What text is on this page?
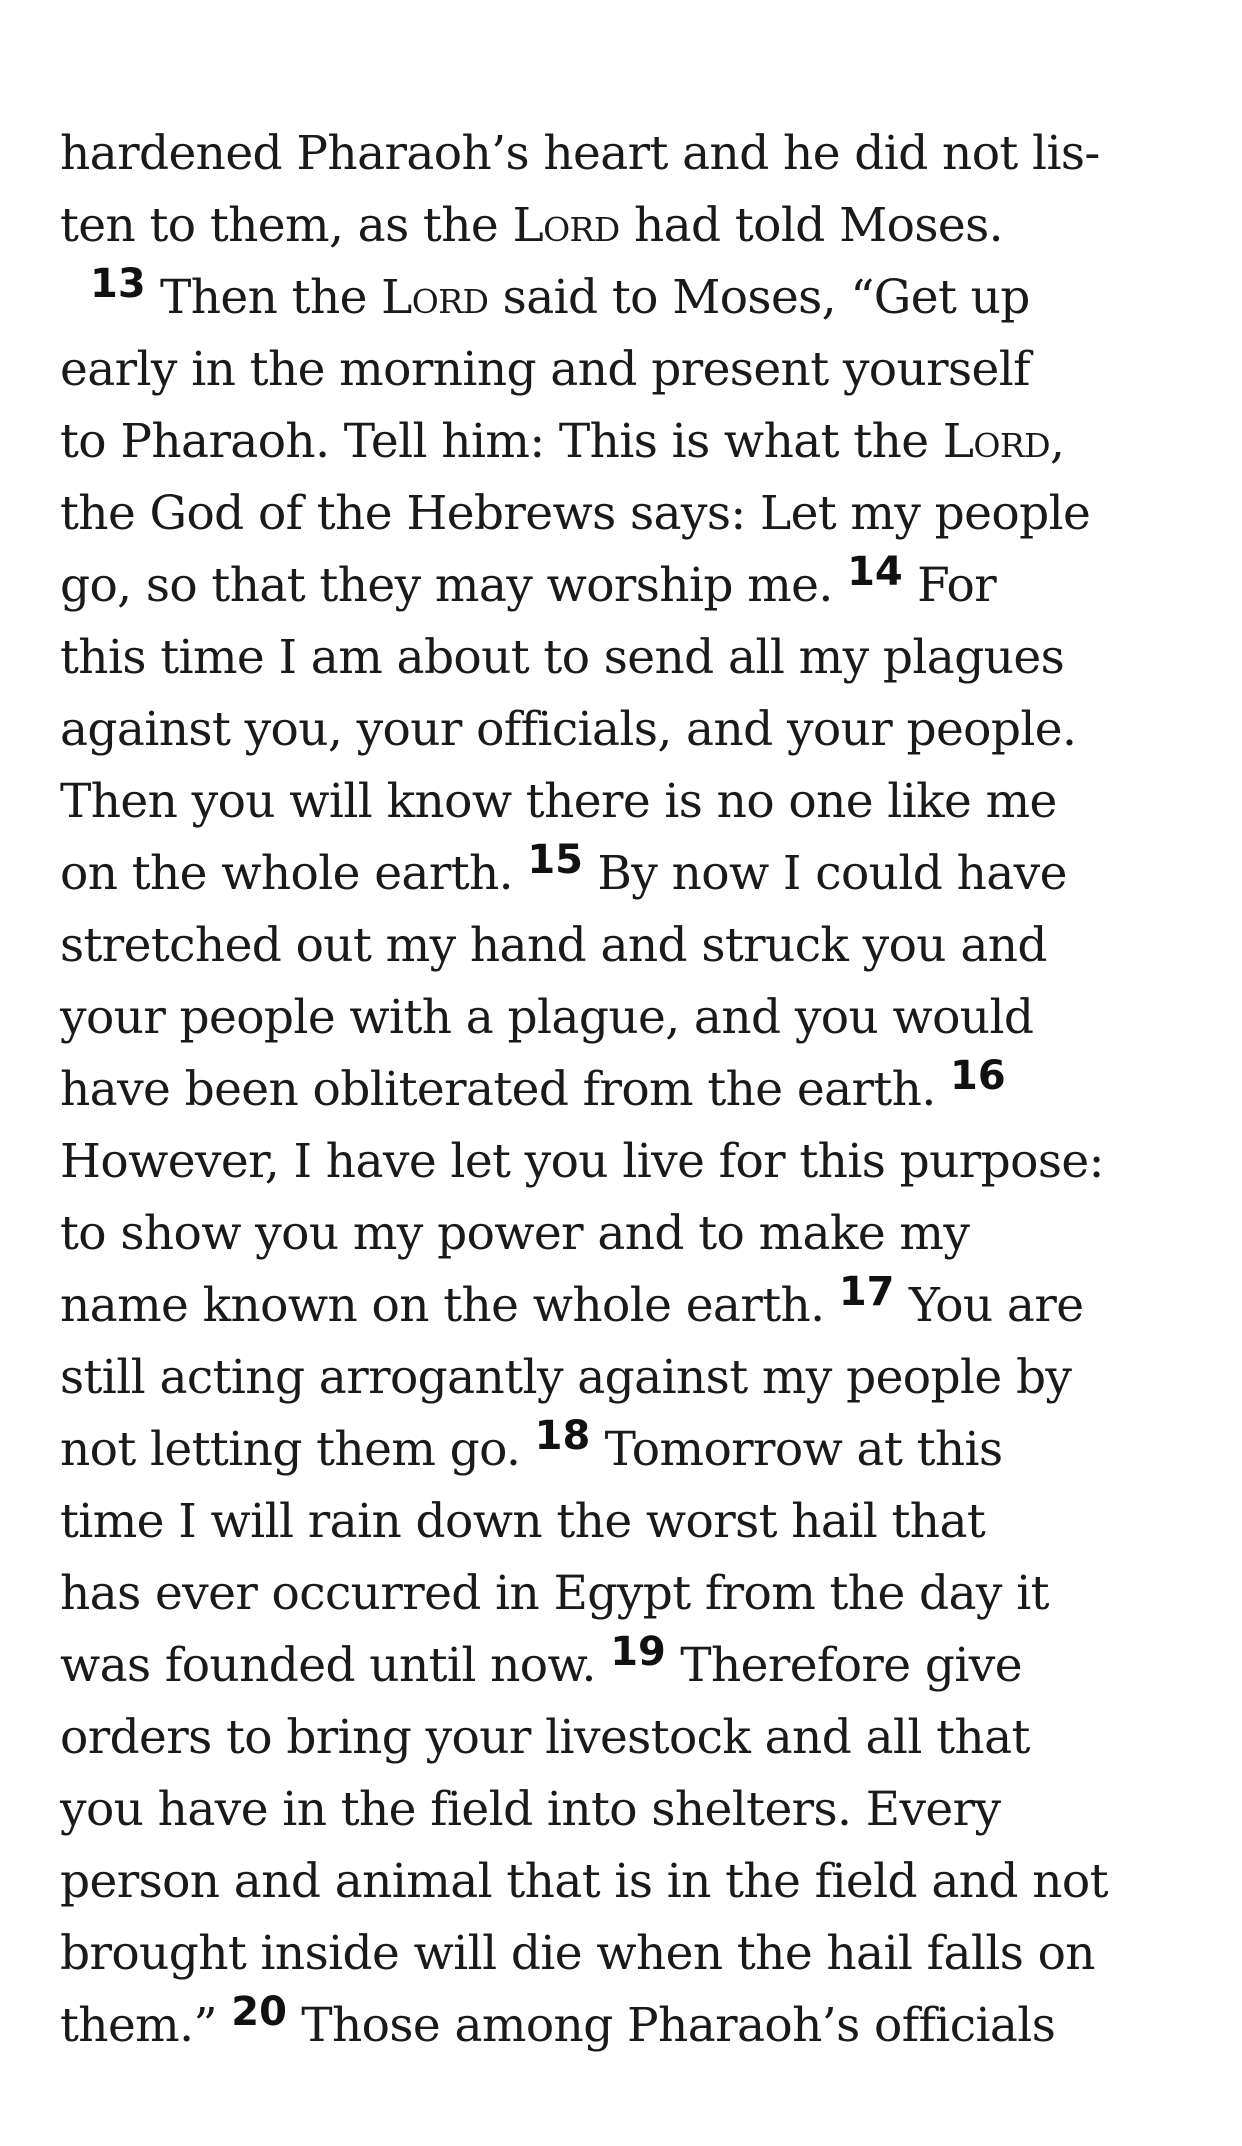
hardened Pharaoh’s heart and he did not lis-
ten to them, as the Lord had told Moses.
13 Then the Lord said to Moses, “Get up
early in the morning and present yourself
to Pharaoh. Tell him: This is what the Lord,
the God of the Hebrews says: Let my people
go, so that they may worship me. 14 For
this time I am about to send all my plagues
against you, your officials, and your people.
Then you will know there is no one like me
on the whole earth. 15 By now I could have
stretched out my hand and struck you and
your people with a plague, and you would
have been obliterated from the earth. 16
However, I have let you live for this purpose:
to show you my power and to make my
name known on the whole earth. 17 You are
still acting arrogantly against my people by
not letting them go. 18 Tomorrow at this
time I will rain down the worst hail that
has ever occurred in Egypt from the day it
was founded until now. 19 Therefore give
orders to bring your livestock and all that
you have in the field into shelters. Every
person and animal that is in the field and not
brought inside will die when the hail falls on
them.” 20 Those among Pharaoh’s officials
